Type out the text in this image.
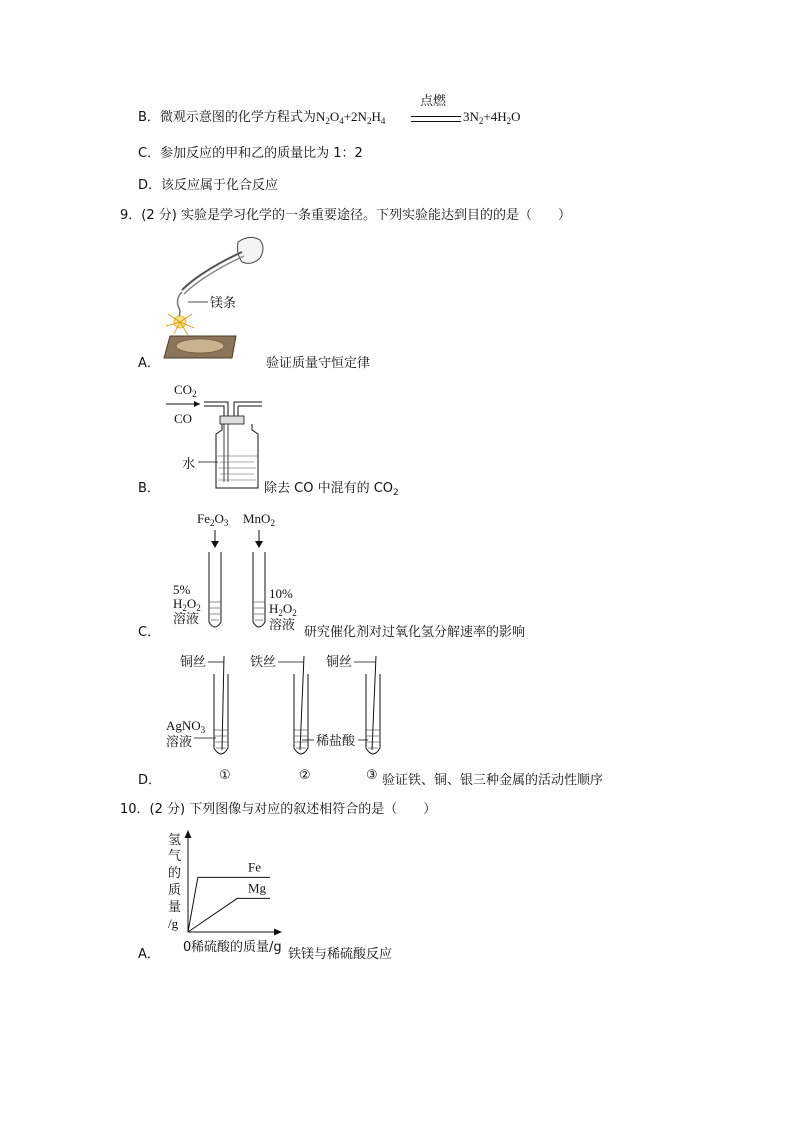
B．微观示意图的化学方程式为$N_2O_4+2N_2H_4$
点燃
$3N_2+4H_2O$
C．参加反应的甲和乙的质量比为 1：2
D．该反应属于化合反应
9．(2 分) 实验是学习化学的一条重要途径。下列实验能达到目的的是（　　）
镁条
A．	验证质量守恒定律
$CO_2$
CO
水
B．	除去 CO 中混有的 $CO_2$
$Fe_2O_3$ MnO$_2$
5%
$H_2O_2$
溶液
10%
$H_2O_2$
溶液
C．	研究催化剂对过氧化氢分解速率的影响
铜丝	铁丝	铜丝
AgNO$_3$
溶液	稀盐酸
①	②	③
D．	验证铁、铜、银三种金属的活动性顺序
10．(2 分) 下列图像与对应的叙述相符合的是（　　）
氢
气
的
质
量
/g
Fe
Mg
0 稀硫酸的质量/g
A．	铁镁与稀硫酸反应
